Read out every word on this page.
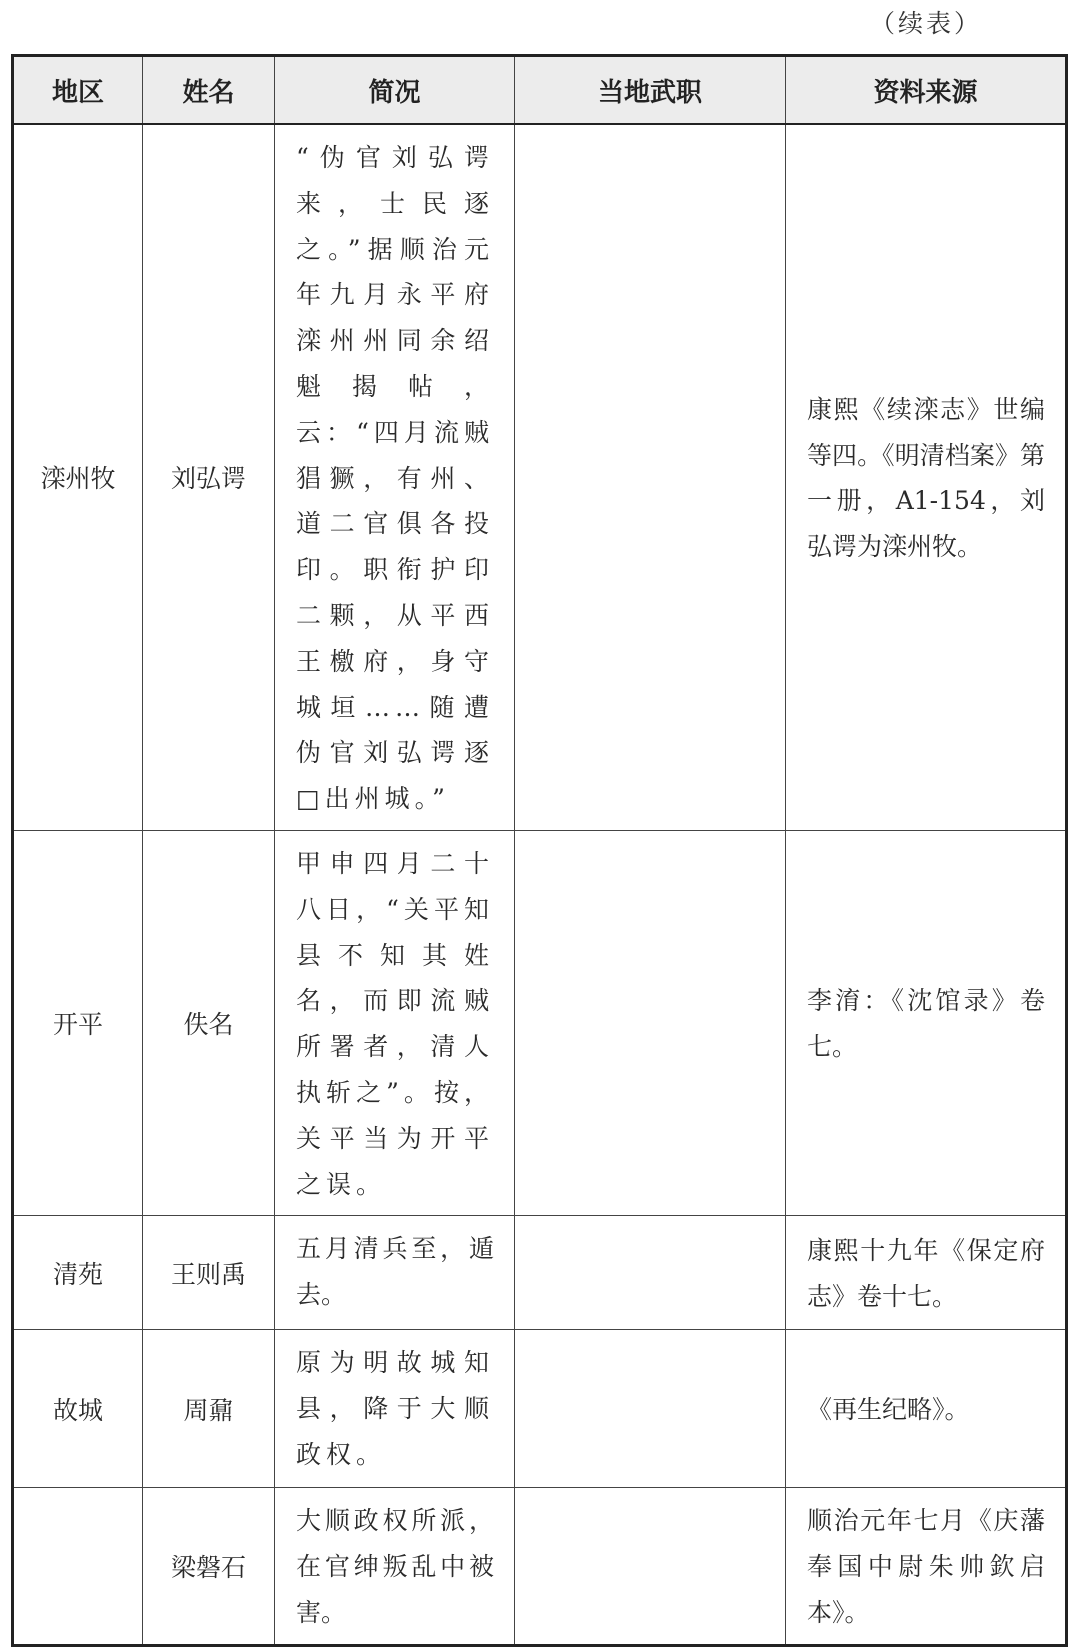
（续表）
地区	姓名	简况	当地武职	资料来源
滦州牧	刘弘谔	“伪官刘弘谔来，士民逐之。”据顺治元年九月永平府滦州州同余绍魁揭帖，云：“四月流贼猖獗，有州、道二官俱各投印。职衔护印二颗，从平西王檄府，身守城垣……随遭伪官刘弘谔逐□出州城。”		康熙《续滦志》世编等四。《明清档案》第一册，A1-154，刘弘谔为滦州牧。
开平	佚名	甲申四月二十八日，“关平知县不知其姓名，而即流贼所署者，清人执斩之”。按，关平当为开平之误。		李淯：《沈馆录》卷七。
清苑	王则禹	五月清兵至，遁去。		康熙十九年《保定府志》卷十七。
故城	周鼐	原为明故城知县，降于大顺政权。		《再生纪略》。
	梁磐石	大顺政权所派，在官绅叛乱中被害。		顺治元年七月《庆藩奉国中尉朱帅欽启本》。
